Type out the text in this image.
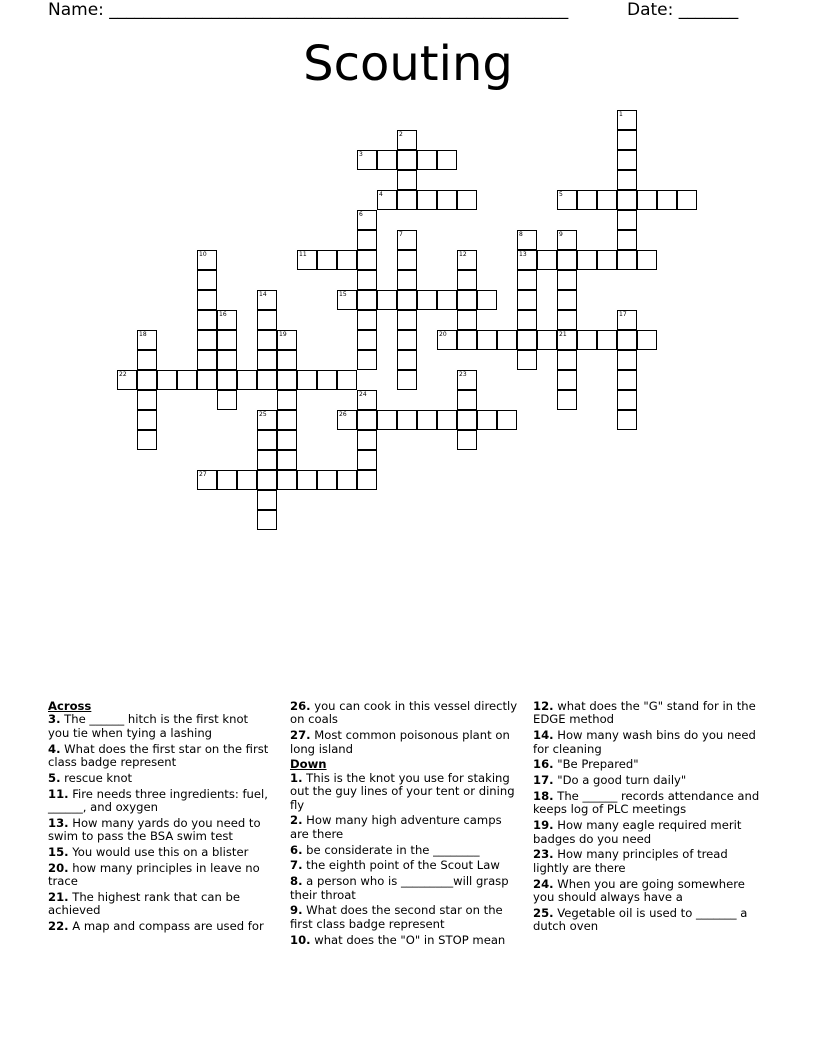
Name: ______________________________________________________	Date: _______
Scouting
1
2
3
4	5
6
7	8
13
9
21
10	11	12
14	15
16	17
18	19	20
22	23
24
25	26
27
Across
3. The ______ hitch is the first knot you tie when tying a lashing
4. What does the first star on the first class badge represent
5. rescue knot
11. Fire needs three ingredients: fuel, ______, and oxygen
13. How many yards do you need to swim to pass the BSA swim test
15. You would use this on a blister
20. how many principles in leave no trace
21. The highest rank that can be achieved
22. A map and compass are used for
26. you can cook in this vessel directly on coals
27. Most common poisonous plant on long island
Down
1. This is the knot you use for staking out the guy lines of your tent or dining fly
2. How many high adventure camps are there
6. be considerate in the ________
7. the eighth point of the Scout Law
8. a person who is _________will grasp their throat
9. What does the second star on the first class badge represent
10. what does the "O" in STOP mean
12. what does the "G" stand for in the EDGE method
14. How many wash bins do you need for cleaning
16. "Be Prepared"
17. "Do a good turn daily"
18. The ______ records attendance and keeps log of PLC meetings
19. How many eagle required merit badges do you need
23. How many principles of tread lightly are there
24. When you are going somewhere you should always have a
25. Vegetable oil is used to _______ a dutch oven
